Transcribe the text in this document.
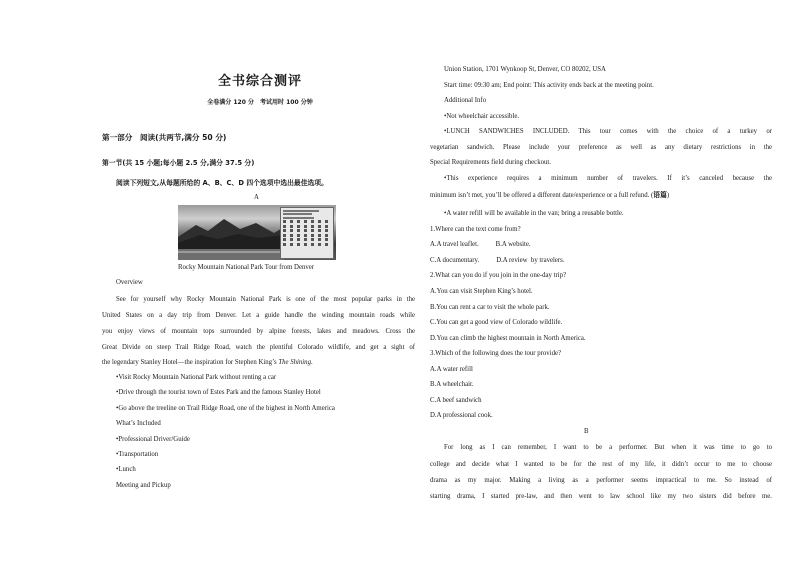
全书综合测评
全卷满分 120 分　考试用时 100 分钟
第一部分　阅读(共两节,满分 50 分)
第一节(共 15 小题;每小题 2.5 分,满分 37.5 分)
阅读下列短文,从每题所给的 A、B、C、D 四个选项中选出最佳选项。
A
Rocky Mountain National Park Tour from Denver
Overview
See for yourself why Rocky Mountain National Park is one of the most popular parks in the
United States on a day trip from Denver. Let a guide handle the winding mountain roads while
you enjoy views of mountain tops surrounded by alpine forests, lakes and meadows. Cross the
Great Divide on steep Trail Ridge Road, watch the plentiful Colorado wildlife, and get a sight of
the legendary Stanley Hotel—the inspiration for Stephen King’s The Shining.
•Visit Rocky Mountain National Park without renting a car
•Drive through the tourist town of Estes Park and the famous Stanley Hotel
•Go above the treeline on Trail Ridge Road, one of the highest in North America
What’s Included
•Professional Driver/Guide
•Transportation
•Lunch
Meeting and Pickup
Union Station, 1701 Wynkoop St, Denver, CO 80202, USA
Start time: 09:30 am; End point: This activity ends back at the meeting point.
Additional Info
•Not wheelchair accessible.
•LUNCH SANDWICHES INCLUDED. This tour comes with the choice of a turkey or
vegetarian sandwich. Please include your preference as well as any dietary restrictions in the
Special Requirements field during checkout.
•This experience requires a minimum number of travelers. If it’s canceled because the
minimum isn’t met, you’ll be offered a different date/experience or a full refund. (语篇)
•A water refill will be available in the van; bring a reusable bottle.
1.Where can the text come from?
A.A travel leaflet.          B.A website.
C.A documentary.          D.A review  by travelers.
2.What can you do if you join in the one-day trip?
A.You can visit Stephen King’s hotel.
B.You can rent a car to visit the whole park.
C.You can get a good view of Colorado wildlife.
D.You can climb the highest mountain in North America.
3.Which of the following does the tour provide?
A.A water refill
B.A wheelchair.
C.A beef sandwich
D.A professional cook.
B
For long as I can remember, I want to be a performer. But when it was time to go to
college and decide what I wanted to be for the rest of my life, it didn’t occur to me to choose
drama as my major. Making a living as a performer seems impractical to me. So instead of
starting drama, I started pre-law, and then went to law school like my two sisters did before me.
